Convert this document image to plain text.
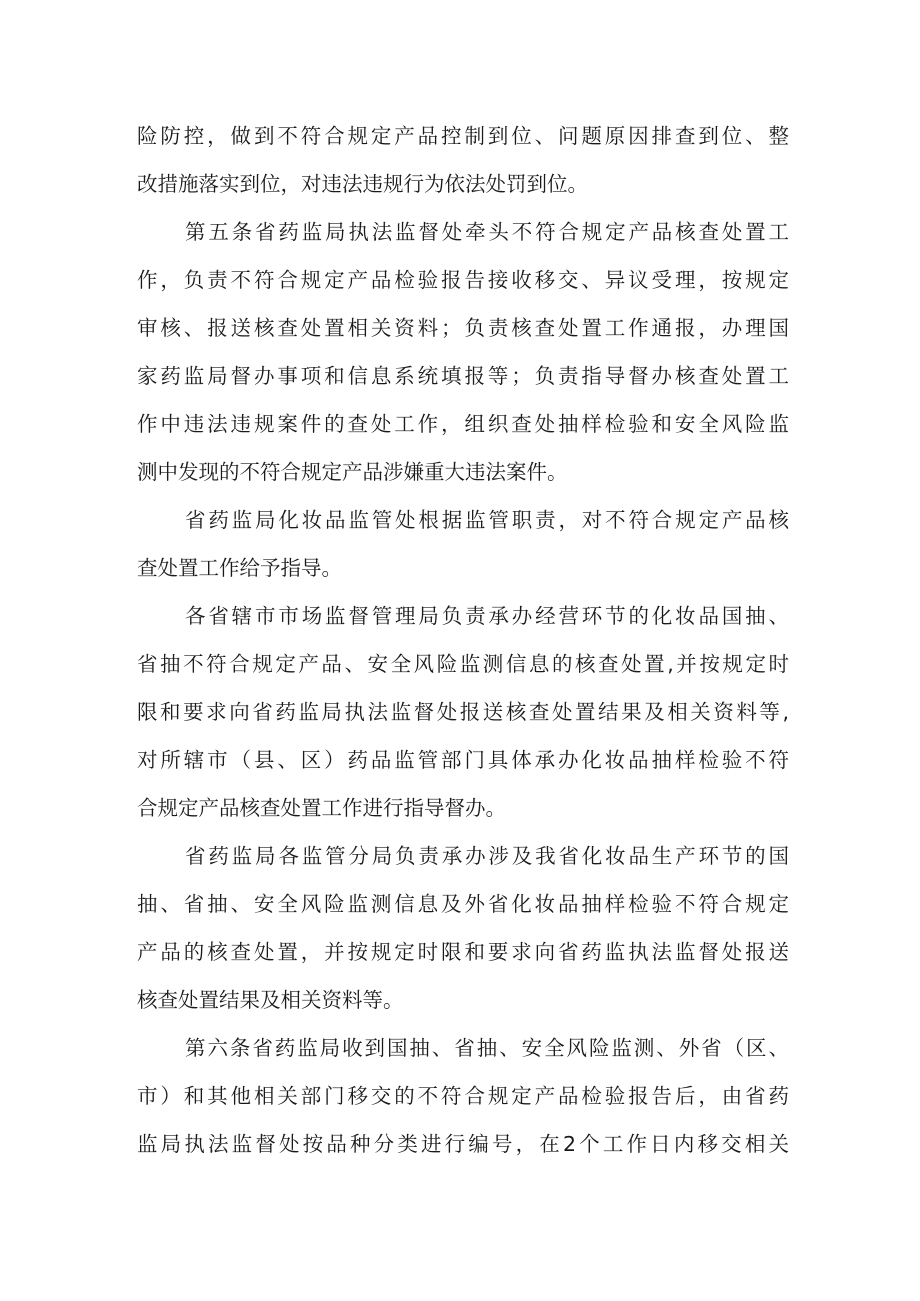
险防控，做到不符合规定产品控制到位、问题原因排查到位、整
改措施落实到位，对违法违规行为依法处罚到位。
第五条省药监局执法监督处牵头不符合规定产品核查处置工
作，负责不符合规定产品检验报告接收移交、异议受理，按规定
审核、报送核查处置相关资料；负责核查处置工作通报，办理国
家药监局督办事项和信息系统填报等；负责指导督办核查处置工
作中违法违规案件的查处工作，组织查处抽样检验和安全风险监
测中发现的不符合规定产品涉嫌重大违法案件。
省药监局化妆品监管处根据监管职责，对不符合规定产品核
查处置工作给予指导。
各省辖市市场监督管理局负责承办经营环节的化妆品国抽、
省抽不符合规定产品、安全风险监测信息的核查处置,并按规定时
限和要求向省药监局执法监督处报送核查处置结果及相关资料等,
对所辖市（县、区）药品监管部门具体承办化妆品抽样检验不符
合规定产品核查处置工作进行指导督办。
省药监局各监管分局负责承办涉及我省化妆品生产环节的国
抽、省抽、安全风险监测信息及外省化妆品抽样检验不符合规定
产品的核查处置，并按规定时限和要求向省药监执法监督处报送
核查处置结果及相关资料等。
第六条省药监局收到国抽、省抽、安全风险监测、外省（区、
市）和其他相关部门移交的不符合规定产品检验报告后，由省药
监局执法监督处按品种分类进行编号，在2个工作日内移交相关
